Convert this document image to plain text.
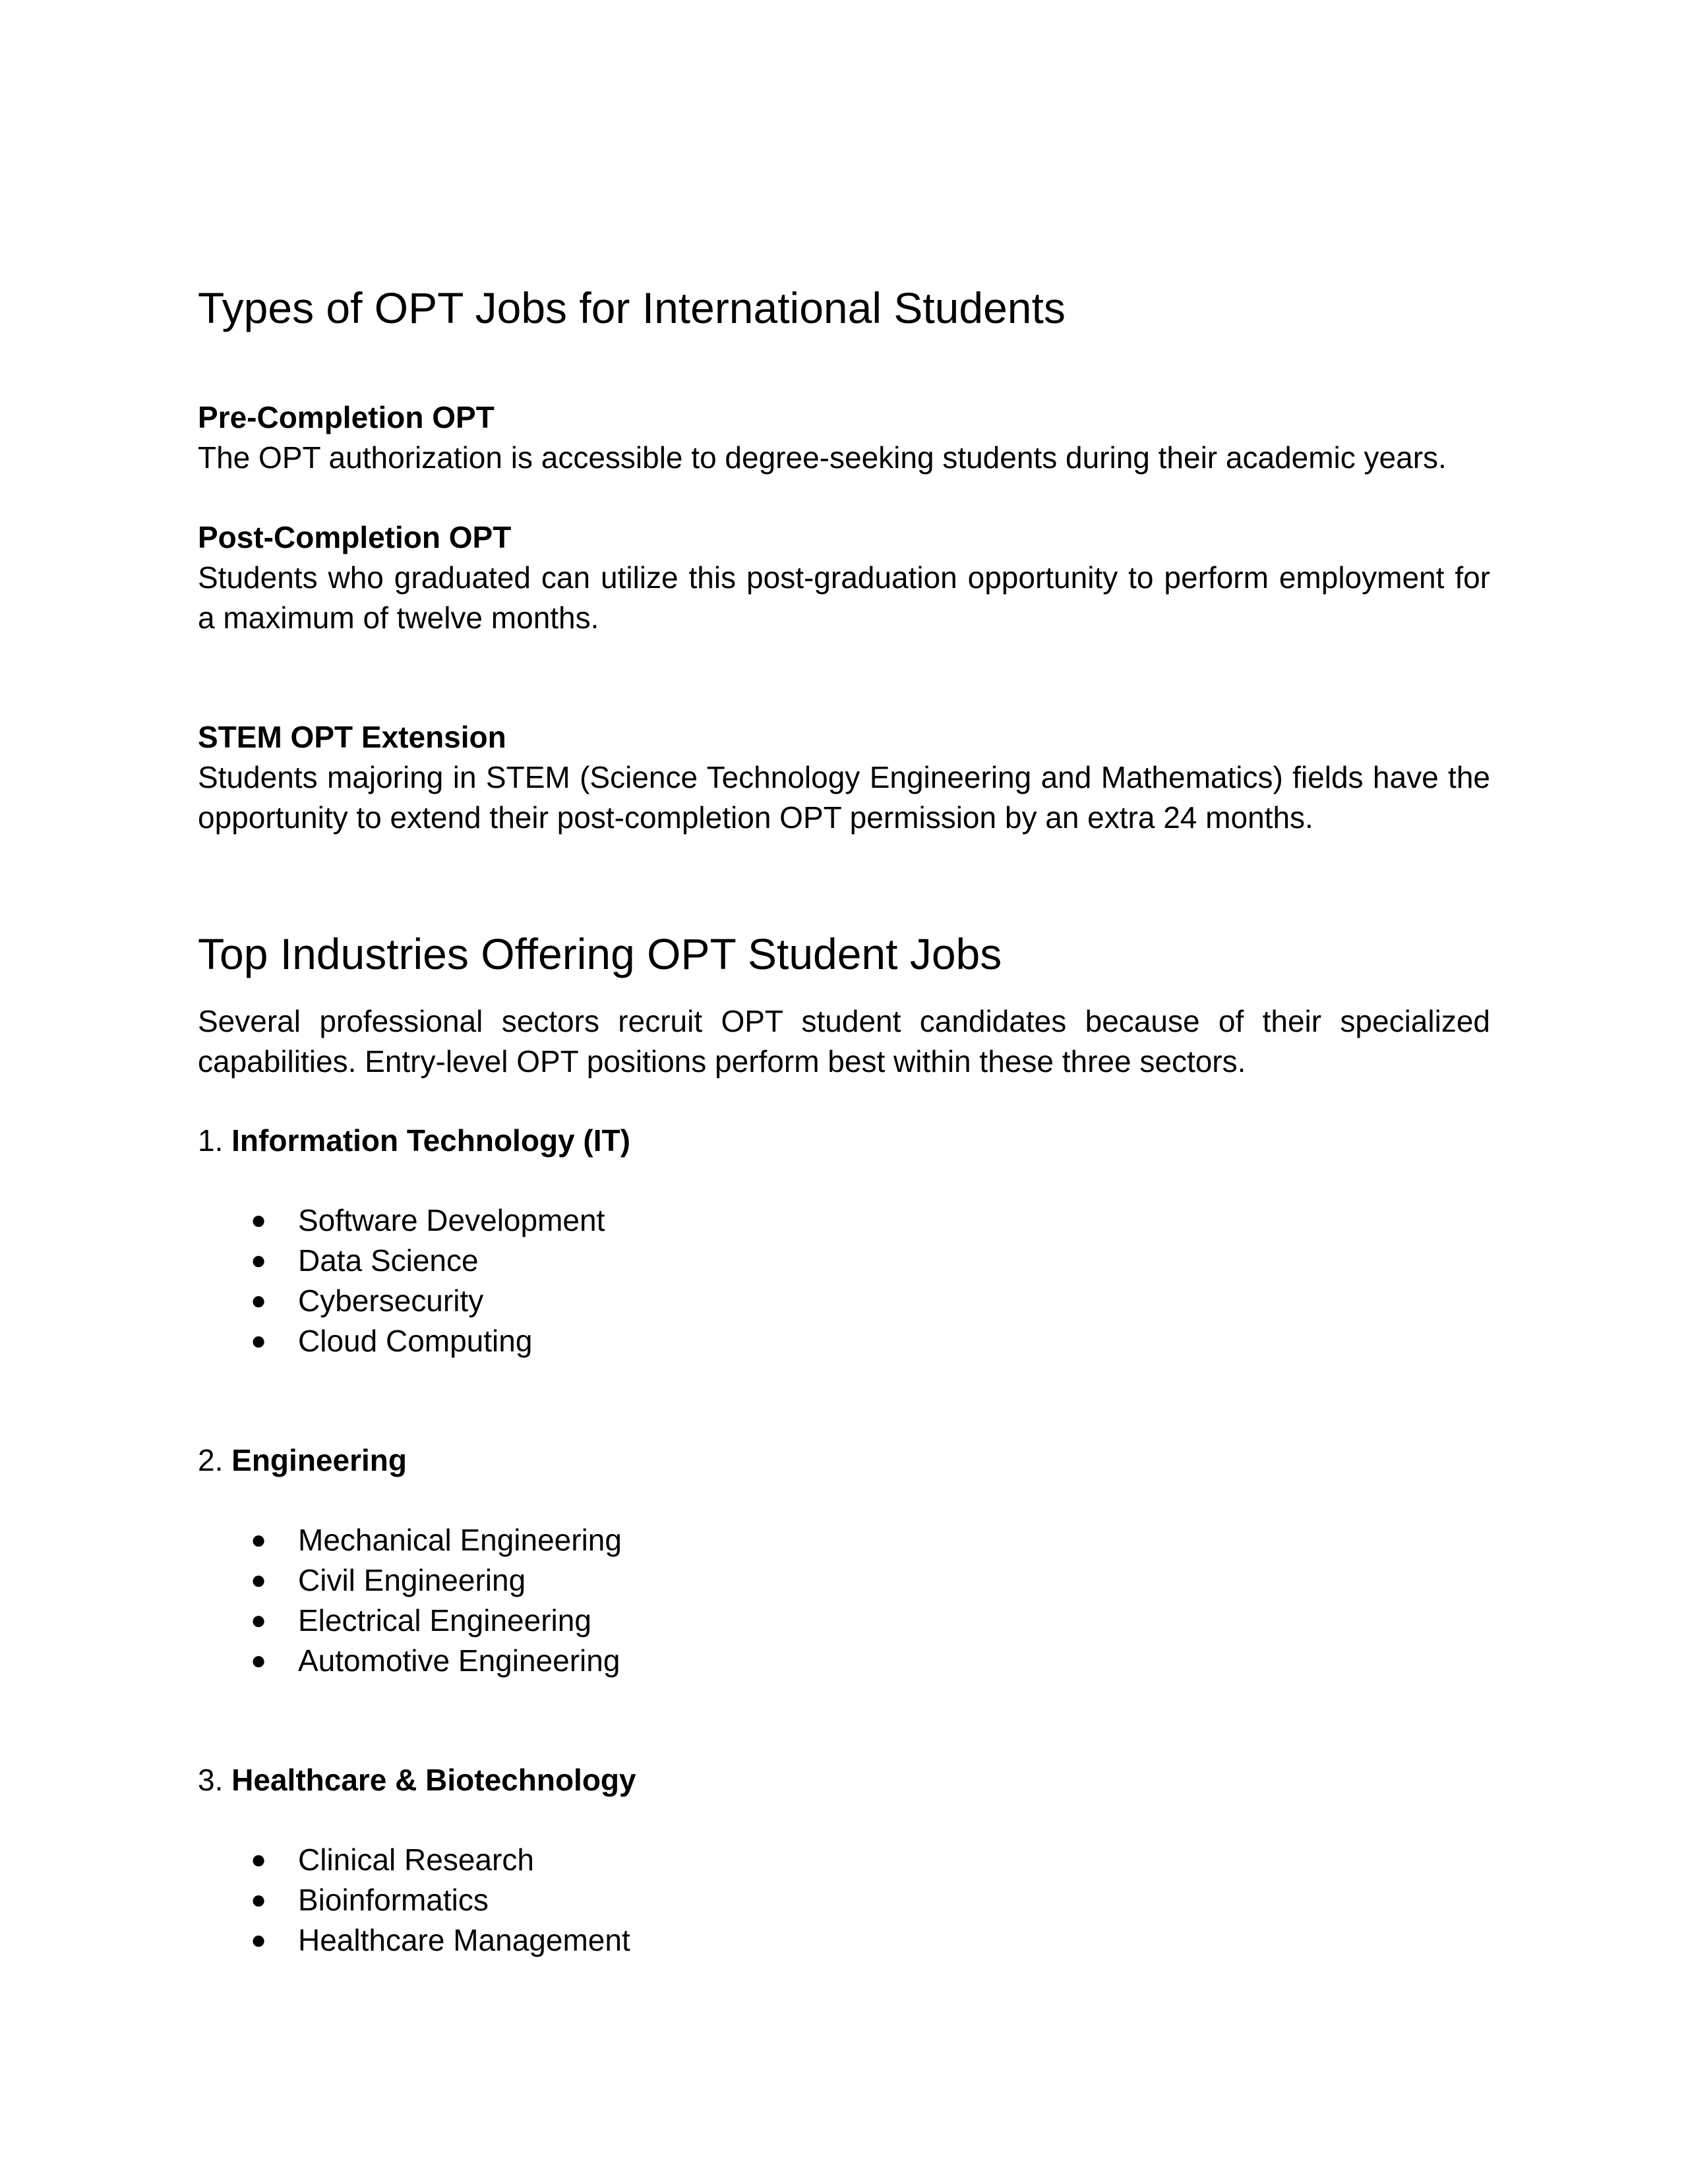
Types of OPT Jobs for International Students

Pre-Completion OPT

The OPT authorization is accessible to degree-seeking students during their academic years.

Post-Completion OPT

Students who graduated can utilize this post-graduation opportunity to perform employment for a maximum of twelve months.

STEM OPT Extension

Students majoring in STEM (Science Technology Engineering and Mathematics) fields have the opportunity to extend their post-completion OPT permission by an extra 24 months.

Top Industries Offering OPT Student Jobs

Several professional sectors recruit OPT student candidates because of their specialized capabilities. Entry-level OPT positions perform best within these three sectors.

1. Information Technology (IT)

● Software Development
● Data Science
● Cybersecurity
● Cloud Computing

2. Engineering

● Mechanical Engineering
● Civil Engineering
● Electrical Engineering
● Automotive Engineering

3. Healthcare & Biotechnology

● Clinical Research
● Bioinformatics
● Healthcare Management
